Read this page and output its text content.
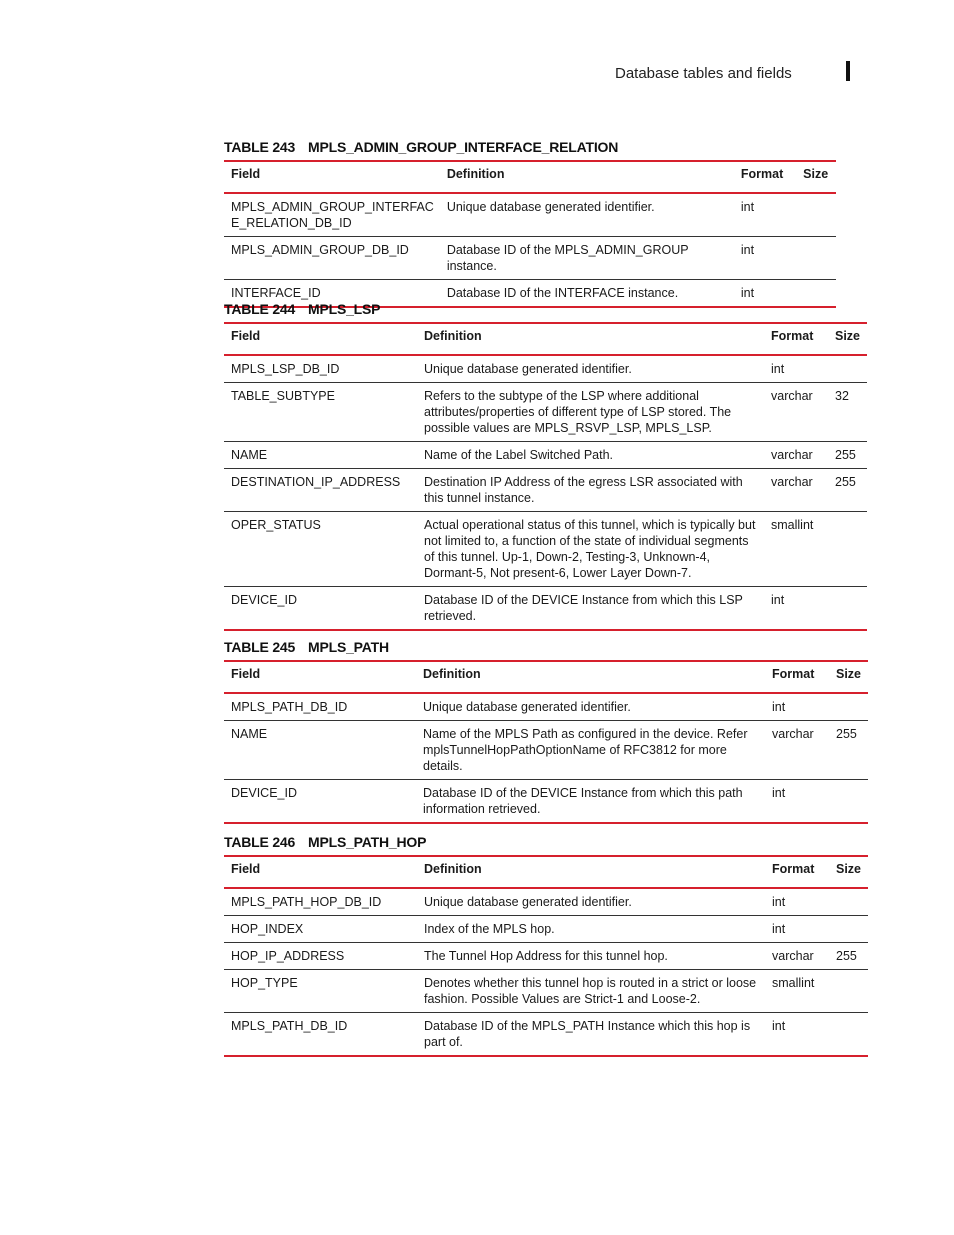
Database tables and fields
TABLE 243 MPLS_ADMIN_GROUP_INTERFACE_RELATION
Field	Definition	Format	Size
MPLS_ADMIN_GROUP_INTERFAC E_RELATION_DB_ID	Unique database generated identifier.	int	
MPLS_ADMIN_GROUP_DB_ID	Database ID of the MPLS_ADMIN_GROUP instance.	int	
INTERFACE_ID	Database ID of the INTERFACE instance.	int	
TABLE 244 MPLS_LSP
Field	Definition	Format	Size
MPLS_LSP_DB_ID	Unique database generated identifier.	int	
TABLE_SUBTYPE	Refers to the subtype of the LSP where additional attributes/properties of different type of LSP stored. The possible values are MPLS_RSVP_LSP, MPLS_LSP.	varchar	32
NAME	Name of the Label Switched Path.	varchar	255
DESTINATION_IP_ADDRESS	Destination IP Address of the egress LSR associated with this tunnel instance.	varchar	255
OPER_STATUS	Actual operational status of this tunnel, which is typically but not limited to, a function of the state of individual segments of this tunnel. Up-1, Down-2, Testing-3, Unknown-4, Dormant-5, Not present-6, Lower Layer Down-7.	smallint	
DEVICE_ID	Database ID of the DEVICE Instance from which this LSP retrieved.	int	
TABLE 245 MPLS_PATH
Field	Definition	Format	Size
MPLS_PATH_DB_ID	Unique database generated identifier.	int	
NAME	Name of the MPLS Path as configured in the device. Refer mplsTunnelHopPathOptionName of RFC3812 for more details.	varchar	255
DEVICE_ID	Database ID of the DEVICE Instance from which this path information retrieved.	int	
TABLE 246 MPLS_PATH_HOP
Field	Definition	Format	Size
MPLS_PATH_HOP_DB_ID	Unique database generated identifier.	int	
HOP_INDEX	Index of the MPLS hop.	int	
HOP_IP_ADDRESS	The Tunnel Hop Address for this tunnel hop.	varchar	255
HOP_TYPE	Denotes whether this tunnel hop is routed in a strict or loose fashion. Possible Values are Strict-1 and Loose-2.	smallint	
MPLS_PATH_DB_ID	Database ID of the MPLS_PATH Instance which this hop is part of.	int	
